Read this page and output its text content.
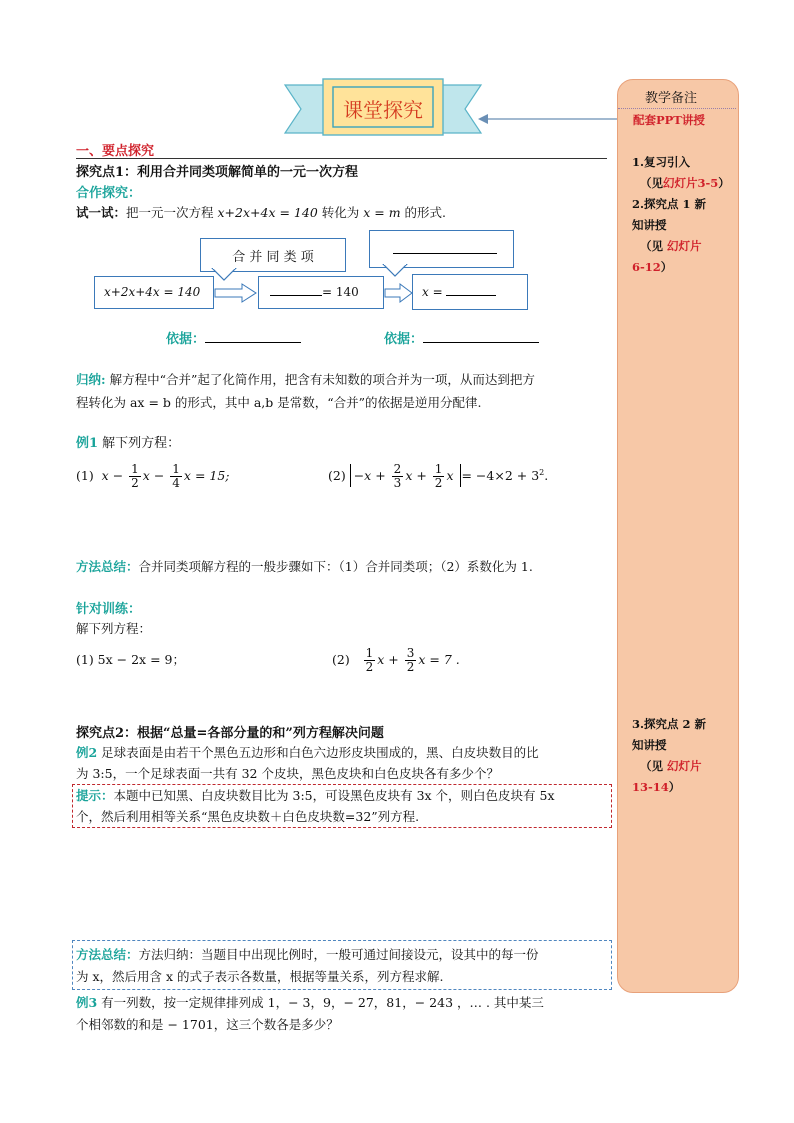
课堂探究	教学备注
配套PPT讲授
1.复习引入
（见幻灯片3-5）
2.探究点 1 新
知讲授
（见 幻灯片
6-12）
3.探究点 2 新
知讲授
（见 幻灯片
13-14）
一、要点探究
探究点1：利用合并同类项解简单的一元一次方程
合作探究：
试一试：把一元一次方程 x+2x+4x = 140 转化为 x = m 的形式.
合 并 同 类 项
x+2x+4x = 140	= 140	x =
依据：	依据：
归纳: 解方程中“合并”起了化简作用，把含有未知数的项合并为一项，从而达到把方
程转化为 ax = b 的形式，其中 a,b 是常数，“合并”的依据是逆用分配律.
例1 解下列方程：
(1) $x - \frac{1}{2}$ $x - \frac{1}{4}$ x = 15;	$(2) -x + \frac{2}{3}$ $x + \frac{1}{2}$ $x = -4\times 2 + 3^2$.
方法总结：合并同类项解方程的一般步骤如下：（1）合并同类项；（2）系数化为 1.
针对训练：
解下列方程：
(1) 5x − 2x = 9；	$(2) \frac{1}{2}$ $x + \frac{3}{2}$ x = 7 .
探究点2：根据“总量=各部分量的和”列方程解决问题
例2 足球表面是由若干个黑色五边形和白色六边形皮块围成的，黑、白皮块数目的比
为 3:5，一个足球表面一共有 32 个皮块，黑色皮块和白色皮块各有多少个？
提示：本题中已知黑、白皮块数目比为 3:5，可设黑色皮块有 3x 个，则白色皮块有 5x
个，然后利用相等关系“黑色皮块数＋白色皮块数=32”列方程.
方法总结：方法归纳：当题目中出现比例时，一般可通过间接设元，设其中的每一份
为 x，然后用含 x 的式子表示各数量，根据等量关系，列方程求解.
例3 有一列数，按一定规律排列成 1，− 3，9，− 27，81，− 243 ，… . 其中某三
个相邻数的和是 − 1701，这三个数各是多少？
